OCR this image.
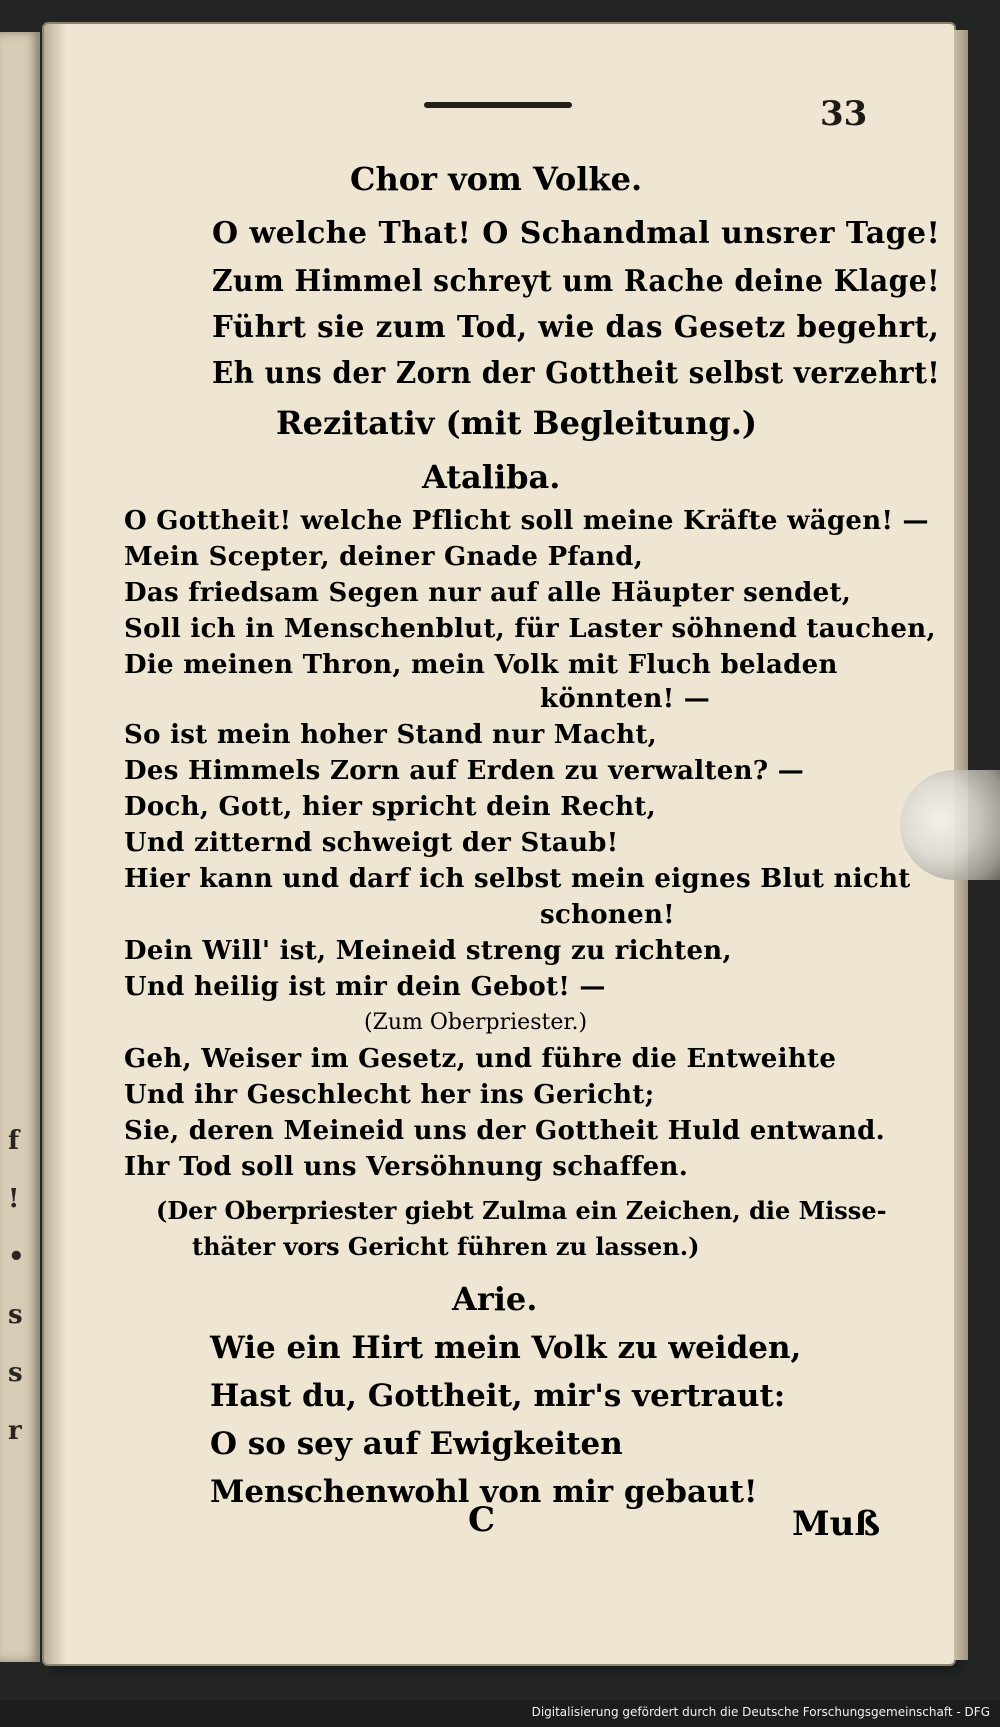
f
!
•
s
s
r
33
Chor vom Volke.
O welche That! O Schandmal unsrer Tage!
Zum Himmel schreyt um Rache deine Klage!
Führt sie zum Tod, wie das Gesetz begehrt,
Eh uns der Zorn der Gottheit selbst verzehrt!
Rezitativ (mit Begleitung.)
Ataliba.
O Gottheit! welche Pflicht soll meine Kräfte wägen! —
Mein Scepter, deiner Gnade Pfand,
Das friedsam Segen nur auf alle Häupter sendet,
Soll ich in Menschenblut, für Laster söhnend tauchen,
Die meinen Thron, mein Volk mit Fluch beladen
könnten! —
So ist mein hoher Stand nur Macht,
Des Himmels Zorn auf Erden zu verwalten? —
Doch, Gott, hier spricht dein Recht,
Und zitternd schweigt der Staub!
Hier kann und darf ich selbst mein eignes Blut nicht
schonen!
Dein Will' ist, Meineid streng zu richten,
Und heilig ist mir dein Gebot! —
(Zum Oberpriester.)
Geh, Weiser im Gesetz, und führe die Entweihte
Und ihr Geschlecht her ins Gericht;
Sie, deren Meineid uns der Gottheit Huld entwand.
Ihr Tod soll uns Versöhnung schaffen.
(Der Oberpriester giebt Zulma ein Zeichen, die Misse-
thäter vors Gericht führen zu lassen.)
Arie.
Wie ein Hirt mein Volk zu weiden,
Hast du, Gottheit, mir's vertraut:
O so sey auf Ewigkeiten
Menschenwohl von mir gebaut!
C	Muß
Digitalisierung gefördert durch die Deutsche Forschungsgemeinschaft - DFG
